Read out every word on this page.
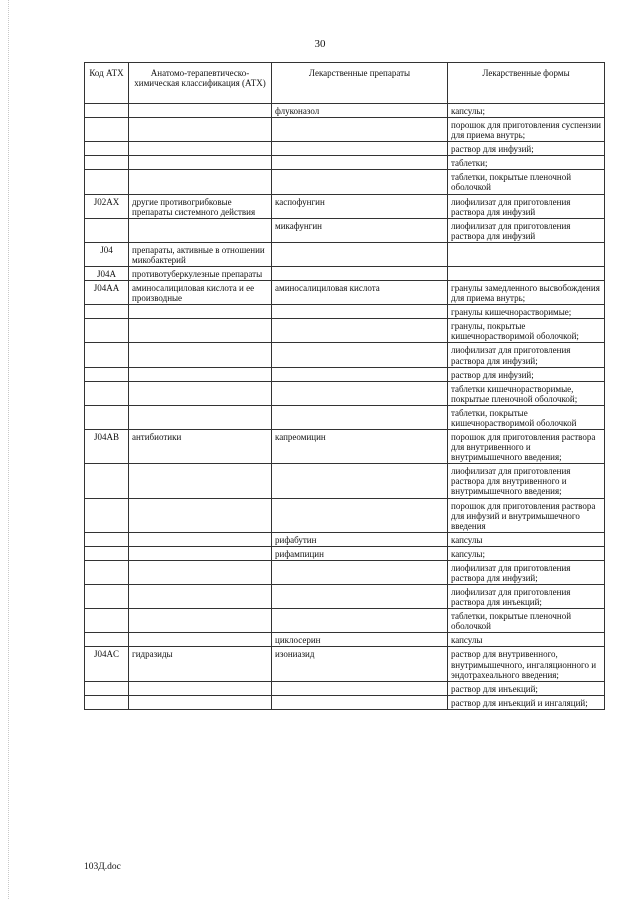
30
Код АТХ	Анатомо-терапевтическо-химическая классификация (АТХ)	Лекарственные препараты	Лекарственные формы
		флуконазол	капсулы;
			порошок для приготовления суспензии для приема внутрь;
			раствор для инфузий;
			таблетки;
			таблетки, покрытые пленочной оболочкой
J02AX	другие противогрибковые препараты системного действия	каспофунгин	лиофилизат для приготовления раствора для инфузий
		микафунгин	лиофилизат для приготовления раствора для инфузий
J04	препараты, активные в отношении микобактерий		
J04A	противотуберкулезные препараты		
J04AA	аминосалициловая кислота и ее производные	аминосалициловая кислота	гранулы замедленного высвобождения для приема внутрь;
			гранулы кишечнорастворимые;
			гранулы, покрытые кишечнорастворимой оболочкой;
			лиофилизат для приготовления раствора для инфузий;
			раствор для инфузий;
			таблетки кишечнорастворимые, покрытые пленочной оболочкой;
			таблетки, покрытые кишечнорастворимой оболочкой
J04AB	антибиотики	капреомицин	порошок для приготовления раствора для внутривенного и внутримышечного введения;
			лиофилизат для приготовления раствора для внутривенного и внутримышечного введения;
			порошок для приготовления раствора для инфузий и внутримышечного введения
		рифабутин	капсулы
		рифампицин	капсулы;
			лиофилизат для приготовления раствора для инфузий;
			лиофилизат для приготовления раствора для инъекций;
			таблетки, покрытые пленочной оболочкой
		циклосерин	капсулы
J04AC	гидразиды	изониазид	раствор для внутривенного, внутримышечного, ингаляционного и эндотрахеального введения;
			раствор для инъекций;
			раствор для инъекций и ингаляций;
103Д.doc
